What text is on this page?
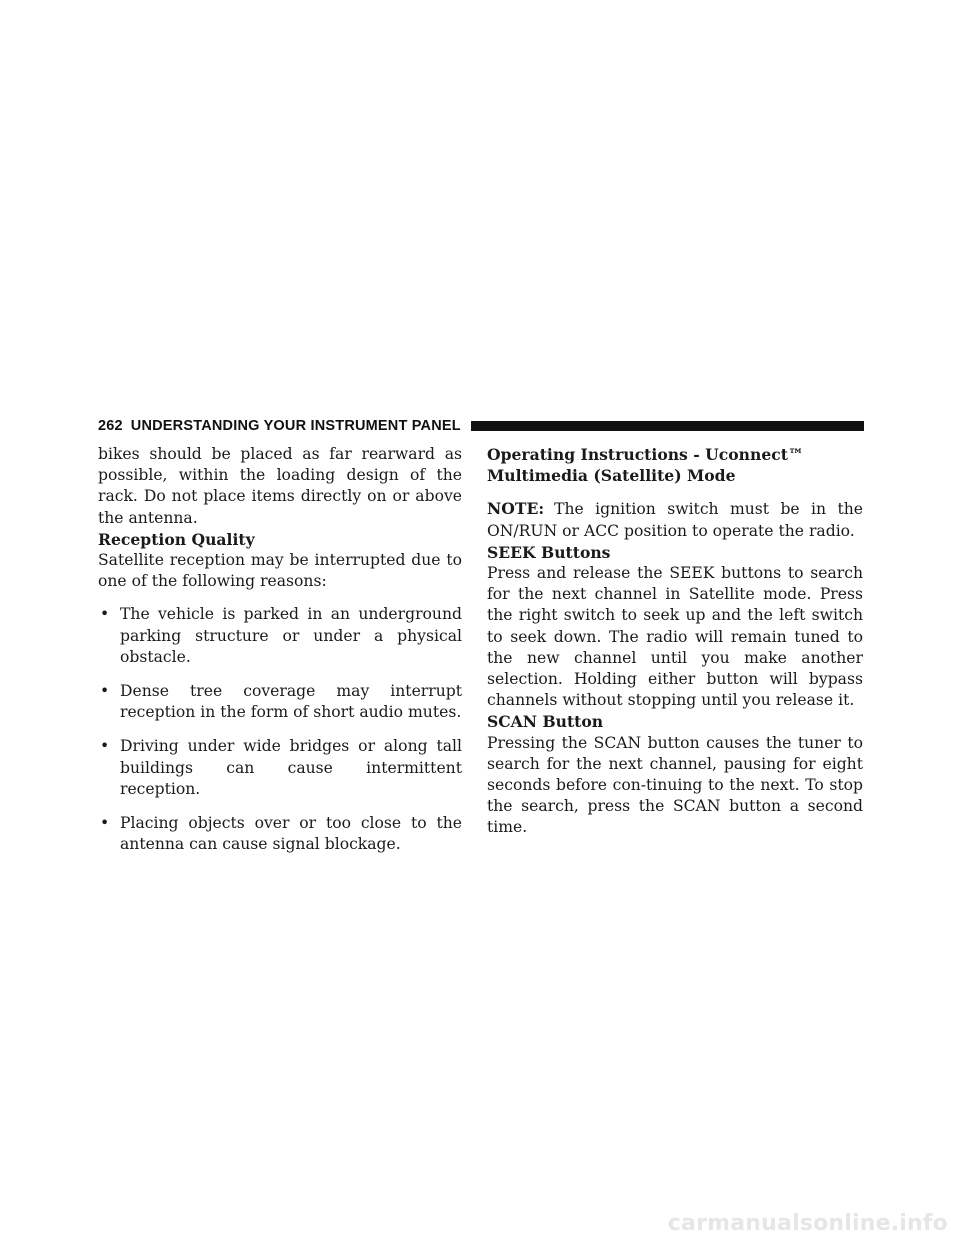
262 UNDERSTANDING YOUR INSTRUMENT PANEL

bikes should be placed as far rearward as possible, within the loading design of the rack. Do not place items directly on or above the antenna.

Reception Quality

Satellite reception may be interrupted due to one of the following reasons:

• The vehicle is parked in an underground parking structure or under a physical obstacle.
• Dense tree coverage may interrupt reception in the form of short audio mutes.
• Driving under wide bridges or along tall buildings can cause intermittent reception.
• Placing objects over or too close to the antenna can cause signal blockage.

Operating Instructions - Uconnect™ Multimedia (Satellite) Mode

NOTE: The ignition switch must be in the ON/RUN or ACC position to operate the radio.

SEEK Buttons

Press and release the SEEK buttons to search for the next channel in Satellite mode. Press the right switch to seek up and the left switch to seek down. The radio will remain tuned to the new channel until you make another selection. Holding either button will bypass channels without stopping until you release it.

SCAN Button

Pressing the SCAN button causes the tuner to search for the next channel, pausing for eight seconds before con-tinuing to the next. To stop the search, press the SCAN button a second time.

carmanualsonline.info
